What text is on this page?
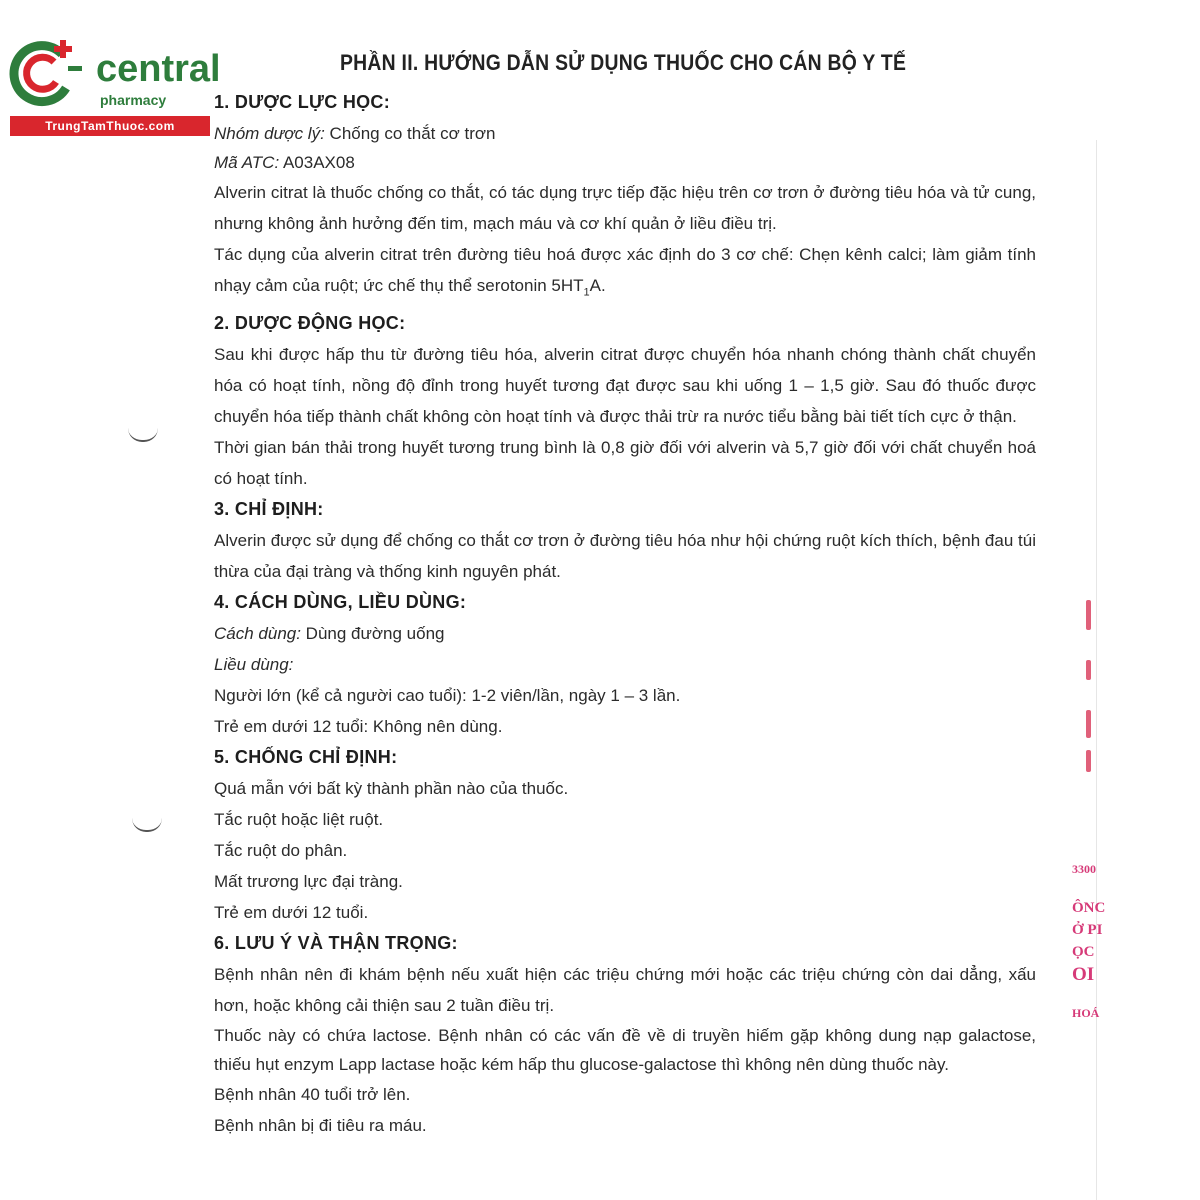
central
pharmacy
TrungTamThuoc.com
PHẦN II. HƯỚNG DẪN SỬ DỤNG THUỐC CHO CÁN BỘ Y TẾ
1. DƯỢC LỰC HỌC:
Nhóm dược lý: Chống co thắt cơ trơn
Mã ATC: A03AX08
Alverin citrat là thuốc chống co thắt, có tác dụng trực tiếp đặc hiệu trên cơ trơn ở đường tiêu hóa và tử cung, nhưng không ảnh hưởng đến tim, mạch máu và cơ khí quản ở liều điều trị.
Tác dụng của alverin citrat trên đường tiêu hoá được xác định do 3 cơ chế: Chẹn kênh calci; làm giảm tính nhạy cảm của ruột; ức chế thụ thể serotonin $5HT_1A$.
2. DƯỢC ĐỘNG HỌC:
Sau khi được hấp thu từ đường tiêu hóa, alverin citrat được chuyển hóa nhanh chóng thành chất chuyển hóa có hoạt tính, nồng độ đỉnh trong huyết tương đạt được sau khi uống 1 – 1,5 giờ. Sau đó thuốc được chuyển hóa tiếp thành chất không còn hoạt tính và được thải trừ ra nước tiểu bằng bài tiết tích cực ở thận.
Thời gian bán thải trong huyết tương trung bình là 0,8 giờ đối với alverin và 5,7 giờ đối với chất chuyển hoá có hoạt tính.
3. CHỈ ĐỊNH:
Alverin được sử dụng để chống co thắt cơ trơn ở đường tiêu hóa như hội chứng ruột kích thích, bệnh đau túi thừa của đại tràng và thống kinh nguyên phát.
4. CÁCH DÙNG, LIỀU DÙNG:
Cách dùng: Dùng đường uống
Liều dùng:
Người lớn (kể cả người cao tuổi): 1-2 viên/lần, ngày 1 – 3 lần.
Trẻ em dưới 12 tuổi: Không nên dùng.
5. CHỐNG CHỈ ĐỊNH:
Quá mẫn với bất kỳ thành phần nào của thuốc.
Tắc ruột hoặc liệt ruột.
Tắc ruột do phân.
Mất trương lực đại tràng.
Trẻ em dưới 12 tuổi.
6. LƯU Ý VÀ THẬN TRỌNG:
Bệnh nhân nên đi khám bệnh nếu xuất hiện các triệu chứng mới hoặc các triệu chứng còn dai dẳng, xấu hơn, hoặc không cải thiện sau 2 tuần điều trị.
Thuốc này có chứa lactose. Bệnh nhân có các vấn đề về di truyền hiếm gặp không dung nạp galactose, thiếu hụt enzym Lapp lactase hoặc kém hấp thu glucose-galactose thì không nên dùng thuốc này.
Bệnh nhân 40 tuổi trở lên.
Bệnh nhân bị đi tiêu ra máu.
3300
ÔNC
Ở PI
ỌC
OI
HOÁ
